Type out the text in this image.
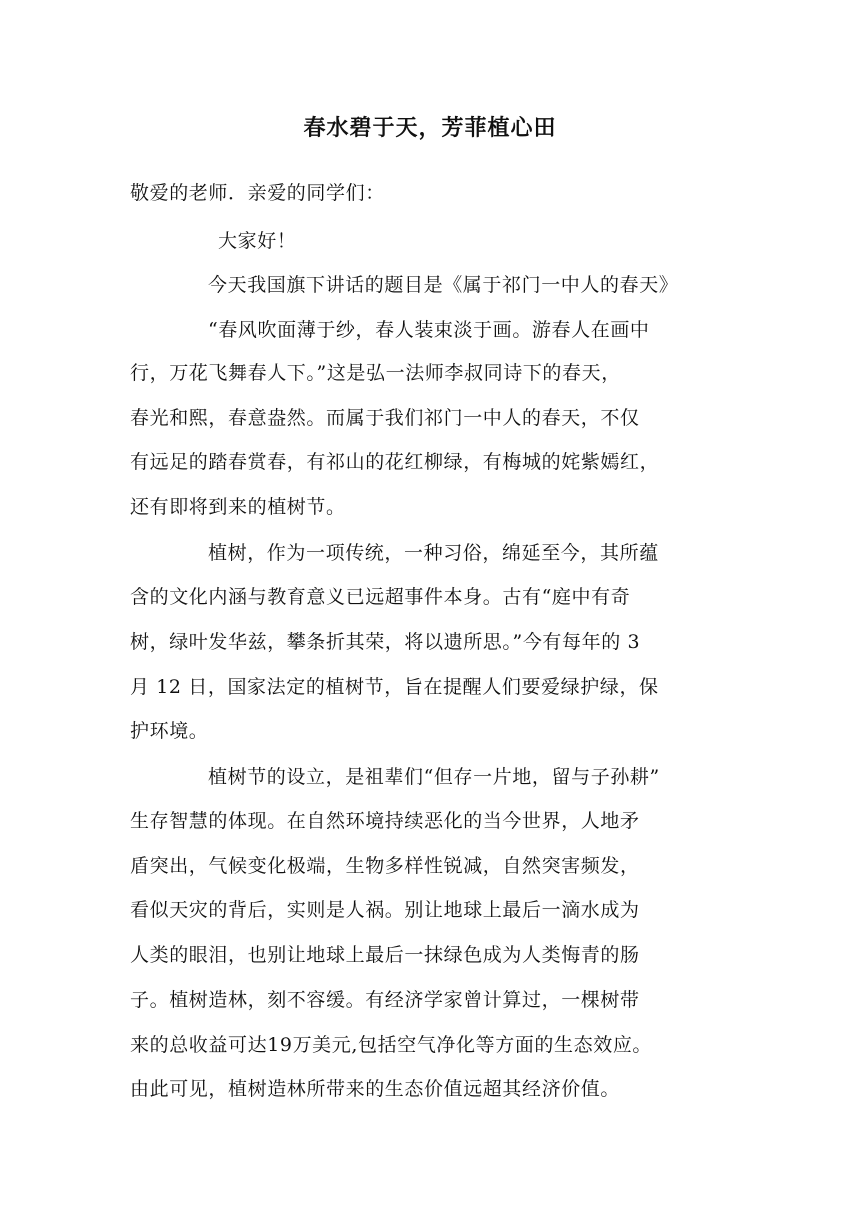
春水碧于天，芳菲植心田
敬爱的老师．亲爱的同学们：
大家好！
今天我国旗下讲话的题目是《属于祁门一中人的春天》
“春风吹面薄于纱，春人装束淡于画。游春人在画中
行，万花飞舞春人下。”这是弘一法师李叔同诗下的春天，
春光和熙，春意盎然。而属于我们祁门一中人的春天，不仅
有远足的踏春赏春，有祁山的花红柳绿，有梅城的姹紫嫣红，
还有即将到来的植树节。
植树，作为一项传统，一种习俗，绵延至今，其所蕴
含的文化内涵与教育意义已远超事件本身。古有“庭中有奇
树，绿叶发华兹，攀条折其荣，将以遗所思。”今有每年的 3
月 12 日，国家法定的植树节，旨在提醒人们要爱绿护绿，保
护环境。
植树节的设立，是祖辈们“但存一片地，留与子孙耕”
生存智慧的体现。在自然环境持续恶化的当今世界，人地矛
盾突出，气候变化极端，生物多样性锐减，自然突害频发，
看似天灾的背后，实则是人祸。别让地球上最后一滴水成为
人类的眼泪，也别让地球上最后一抹绿色成为人类悔青的肠
子。植树造林，刻不容缓。有经济学家曾计算过，一棵树带
来的总收益可达19万美元,包括空气净化等方面的生态效应。
由此可见，植树造林所带来的生态价值远超其经济价值。
